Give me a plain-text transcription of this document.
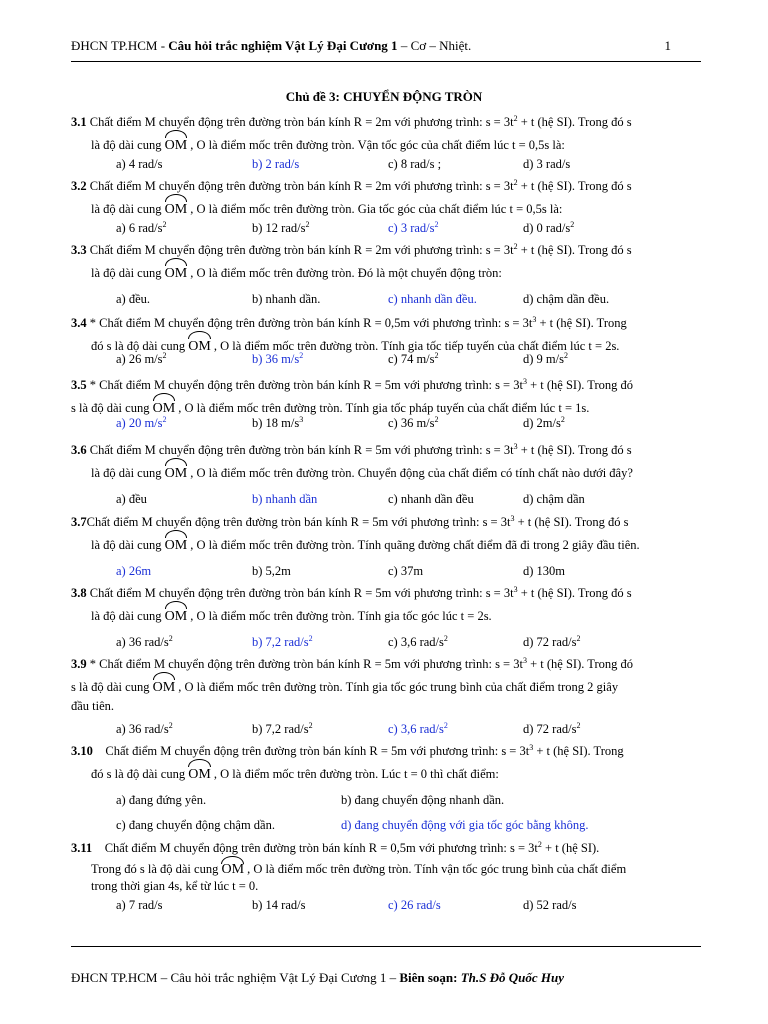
ĐHCN TP.HCM - Câu hỏi trắc nghiệm Vật Lý Đại Cương 1 – Cơ – Nhiệt.	1
Chủ đề 3: CHUYỂN ĐỘNG TRÒN

3.1 Chất điểm M chuyển động trên đường tròn bán kính R = 2m với phương trình: $s = 3t^2 + t$ (hệ SI). Trong đó s

là độ dài cung OM , O là điểm mốc trên đường tròn. Vận tốc góc của chất điểm lúc t = 0,5s là:

a) 4 rad/s	b) 2 rad/s	c) 8 rad/s ;	d) 3 rad/s

3.2 Chất điểm M chuyển động trên đường tròn bán kính R = 2m với phương trình: $s = 3t^2 + t$ (hệ SI). Trong đó s

là độ dài cung OM , O là điểm mốc trên đường tròn. Gia tốc góc của chất điểm lúc t = 0,5s là:

a) 6 rad/$s^2$	b) 12 rad/$s^2$	c) 3 rad/$s^2$	d) 0 rad/$s^2$

3.3 Chất điểm M chuyển động trên đường tròn bán kính R = 2m với phương trình: $s = 3t^2 + t$ (hệ SI). Trong đó s

là độ dài cung OM , O là điểm mốc trên đường tròn. Đó là một chuyển động tròn:

a) đều.	b) nhanh dần.	c) nhanh dần đều.	d) chậm dần đều.

3.4 * Chất điểm M chuyển động trên đường tròn bán kính R = 0,5m với phương trình: $s = 3t^3 + t$ (hệ SI). Trong

đó s là độ dài cung OM , O là điểm mốc trên đường tròn. Tính gia tốc tiếp tuyến của chất điểm lúc t = 2s.

a) 26 $m/s^2$	b) 36 $m/s^2$	c) 74 $m/s^2$	d) 9 $m/s^2$

3.5 * Chất điểm M chuyển động trên đường tròn bán kính R = 5m với phương trình: $s = 3t^3 + t$ (hệ SI). Trong đó

s là độ dài cung OM , O là điểm mốc trên đường tròn. Tính gia tốc pháp tuyến của chất điểm lúc t = 1s.

a) 20 $m/s^2$	b) 18 $m/s^3$	c) 36 $m/s^2$	d) $2m/s^2$

3.6 Chất điểm M chuyển động trên đường tròn bán kính R = 5m với phương trình: $s = 3t^3 + t$ (hệ SI). Trong đó s

là độ dài cung OM , O là điểm mốc trên đường tròn. Chuyển động của chất điểm có tính chất nào dưới đây?

a) đều	b) nhanh dần	c) nhanh dần đều	d) chậm dần

3.7Chất điểm M chuyển động trên đường tròn bán kính R = 5m với phương trình: $s = 3t^3 + t$ (hệ SI). Trong đó s

là độ dài cung OM , O là điểm mốc trên đường tròn. Tính quãng đường chất điểm đã đi trong 2 giây đầu tiên.

a) 26m	b) 5,2m	c) 37m	d) 130m

3.8 Chất điểm M chuyển động trên đường tròn bán kính R = 5m với phương trình: $s = 3t^3 + t$ (hệ SI). Trong đó s

là độ dài cung OM , O là điểm mốc trên đường tròn. Tính gia tốc góc lúc t = 2s.

a) 36 rad/$s^2$	b) 7,2 rad/$s^2$	c) 3,6 rad/$s^2$	d) 72 rad/$s^2$

3.9 * Chất điểm M chuyển động trên đường tròn bán kính R = 5m với phương trình: $s = 3t^3 + t$ (hệ SI). Trong đó

s là độ dài cung OM , O là điểm mốc trên đường tròn. Tính gia tốc góc trung bình của chất điểm trong 2 giây

đầu tiên.

a) 36 rad/$s^2$	b) 7,2 rad/$s^2$	c) 3,6 rad/$s^2$	d) 72 rad/$s^2$

3.10 Chất điểm M chuyển động trên đường tròn bán kính R = 5m với phương trình: $s = 3t^3 + t$ (hệ SI). Trong

đó s là độ dài cung OM , O là điểm mốc trên đường tròn. Lúc t = 0 thì chất điểm:

a) đang đứng yên.	b) đang chuyển động nhanh dần.
c) đang chuyển động chậm dần.	d) đang chuyển động với gia tốc góc bằng không.

3.11 Chất điểm M chuyển động trên đường tròn bán kính R = 0,5m với phương trình: $s = 3t^2 + t$ (hệ SI).

Trong đó s là độ dài cung OM , O là điểm mốc trên đường tròn. Tính vận tốc góc trung bình của chất điểm

trong thời gian 4s, kể từ lúc t = 0.

a) 7 rad/s	b) 14 rad/s	c) 26 rad/s	d) 52 rad/s
ĐHCN TP.HCM – Câu hỏi trắc nghiệm Vật Lý Đại Cương 1 – Biên soạn: Th.S Đỗ Quốc Huy
